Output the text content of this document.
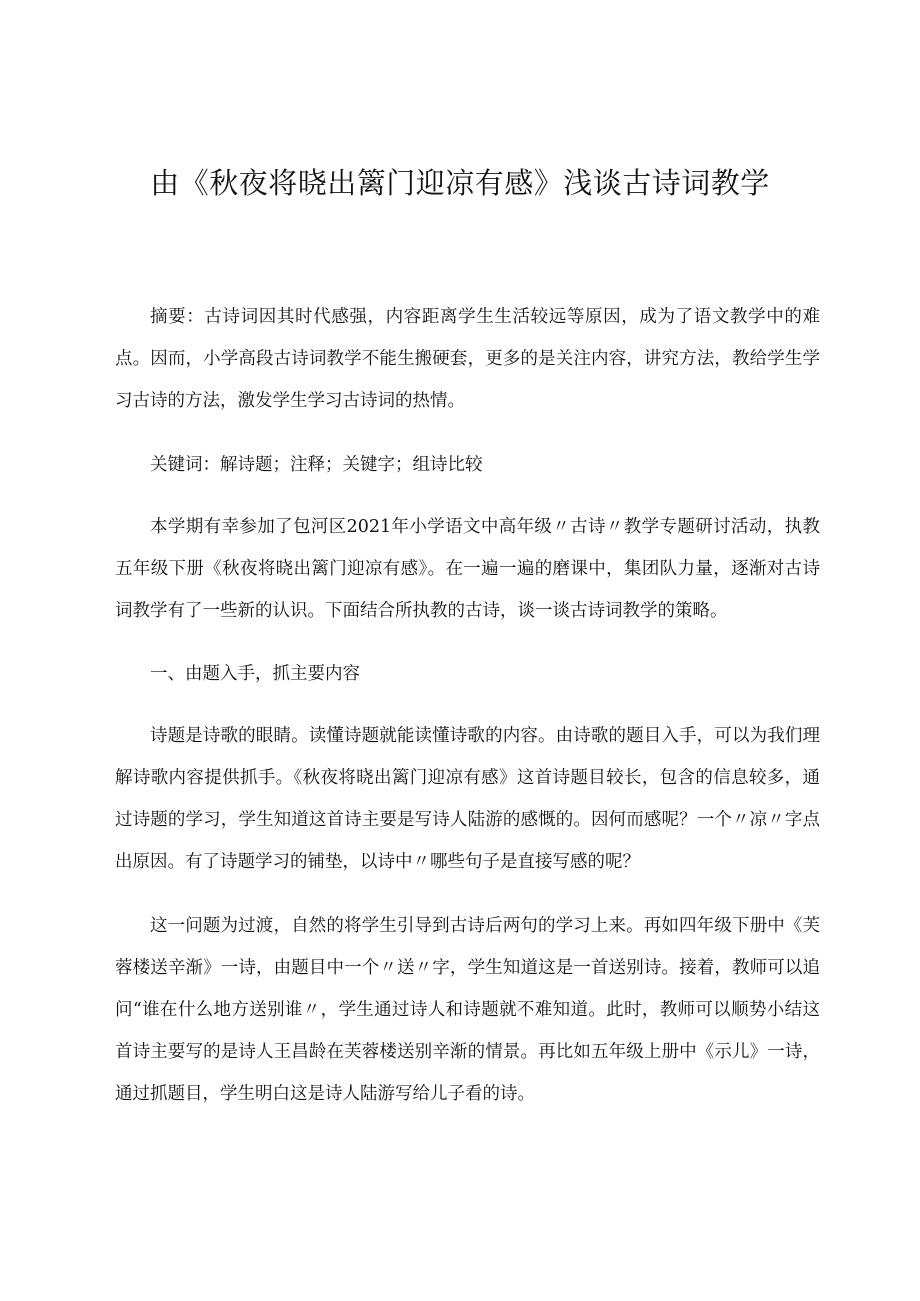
由《秋夜将晓出篱门迎凉有感》浅谈古诗词教学

摘要：古诗词因其时代感强，内容距离学生生活较远等原因，成为了语文教学中的难点。因而，小学高段古诗词教学不能生搬硬套，更多的是关注内容，讲究方法，教给学生学习古诗的方法，激发学生学习古诗词的热情。

关键词：解诗题；注释；关键字；组诗比较

本学期有幸参加了包河区2021年小学语文中高年级〃古诗〃教学专题研讨活动，执教五年级下册《秋夜将晓出篱门迎凉有感》。在一遍一遍的磨课中，集团队力量，逐渐对古诗词教学有了一些新的认识。下面结合所执教的古诗，谈一谈古诗词教学的策略。

一、由题入手，抓主要内容

诗题是诗歌的眼睛。读懂诗题就能读懂诗歌的内容。由诗歌的题目入手，可以为我们理解诗歌内容提供抓手。《秋夜将晓出篱门迎凉有感》这首诗题目较长，包含的信息较多，通过诗题的学习，学生知道这首诗主要是写诗人陆游的感慨的。因何而感呢？一个〃凉〃字点出原因。有了诗题学习的铺垫，以诗中〃哪些句子是直接写感的呢？

这一问题为过渡，自然的将学生引导到古诗后两句的学习上来。再如四年级下册中《芙蓉楼送辛渐》一诗，由题目中一个〃送〃字，学生知道这是一首送别诗。接着，教师可以追问“谁在什么地方送别谁〃，学生通过诗人和诗题就不难知道。此时，教师可以顺势小结这首诗主要写的是诗人王昌龄在芙蓉楼送别辛渐的情景。再比如五年级上册中《示儿》一诗，通过抓题目，学生明白这是诗人陆游写给儿子看的诗。
